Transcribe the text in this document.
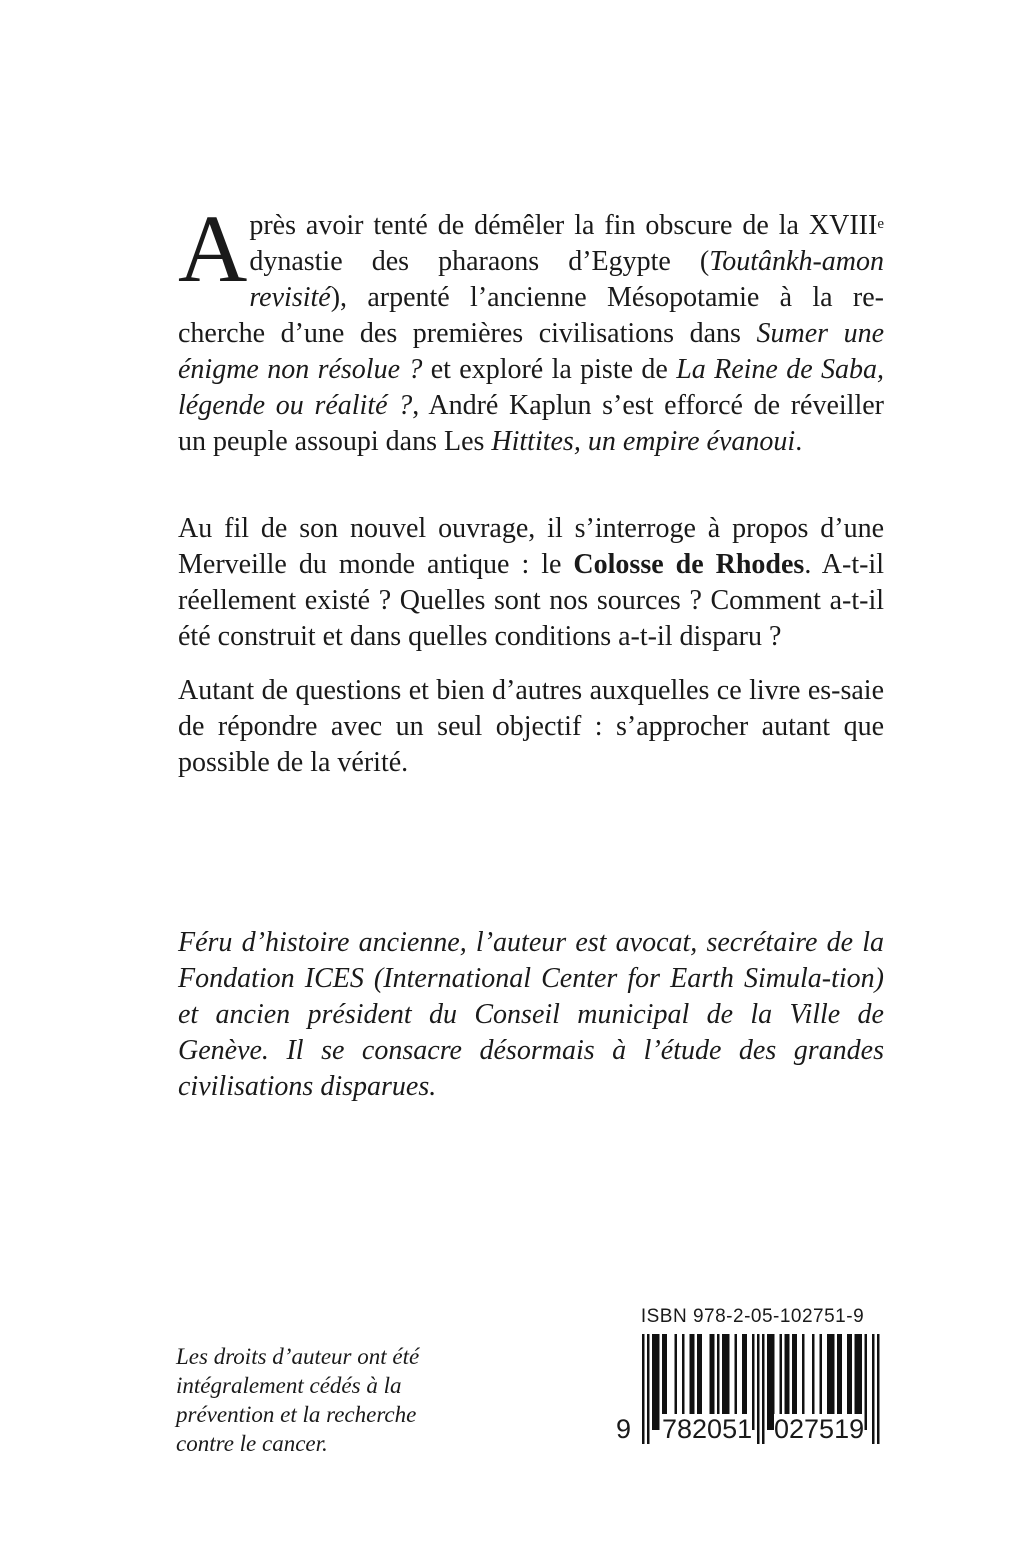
Après avoir tenté de démêler la fin obscure de la XVIIIe dynastie des pharaons d’Egypte (Toutânkh-amon revisité), arpenté l’ancienne Mésopotamie à la re-cherche d’une des premières civilisations dans Sumer une énigme non résolue ? et exploré la piste de La Reine de Saba, légende ou réalité ?, André Kaplun s’est efforcé de réveiller un peuple assoupi dans Les Hittites, un empire évanoui.

Au fil de son nouvel ouvrage, il s’interroge à propos d’une Merveille du monde antique : le Colosse de Rhodes. A-t-il réellement existé ? Quelles sont nos sources ? Comment a-t-il été construit et dans quelles conditions a-t-il disparu ?

Autant de questions et bien d’autres auxquelles ce livre es-saie de répondre avec un seul objectif : s’approcher autant que possible de la vérité.

Féru d’histoire ancienne, l’auteur est avocat, secrétaire de la Fondation ICES (International Center for Earth Simula-tion) et ancien président du Conseil municipal de la Ville de Genève. Il se consacre désormais à l’étude des grandes civilisations disparues.

Les droits d’auteur ont été
intégralement cédés à la
prévention et la recherche
contre le cancer.
ISBN 978-2-05-102751-9
9 782051 027519
